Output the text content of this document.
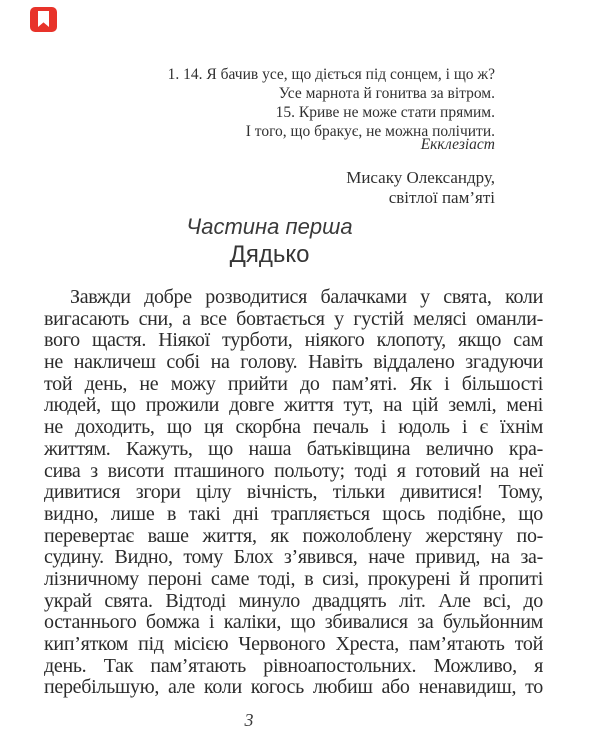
1. 14. Я бачив усе, що діється під сонцем, і що ж?
Усе марнота й гонитва за вітром.
15. Криве не може стати прямим.
І того, що бракує, не можна полічити.
Екклезіаст
Мисаку Олександру,
світлої пам’яті
Частина перша
Дядько
Завжди добре розводитися балачками у свята, коли
вигасають сни, а все бовтається у густій мелясі оманли-
вого щастя. Ніякої турботи, ніякого клопоту, якщо сам
не накличеш собі на голову. Навіть віддалено згадуючи
той день, не можу прийти до пам’яті. Як і більшості
людей, що прожили довге життя тут, на цій землі, мені
не доходить, що ця скорбна печаль і юдоль і є їхнім
життям. Кажуть, що наша батьківщина велично кра-
сива з висоти пташиного польоту; тоді я готовий на неї
дивитися згори цілу вічність, тільки дивитися! Тому,
видно, лише в такі дні трапляється щось подібне, що
перевертає ваше життя, як пожолоблену жерстяну по-
судину. Видно, тому Блох з’явився, наче привид, на за-
лізничному пероні саме тоді, в сизі, прокурені й пропиті
украй свята. Відтоді минуло двадцять літ. Але всі, до
останнього бомжа і каліки, що збивалися за бульйонним
кип’ятком під місією Червоного Хреста, пам’ятають той
день. Так пам’ятають рівноапостольних. Можливо, я
перебільшую, але коли когось любиш або ненавидиш, то
3
